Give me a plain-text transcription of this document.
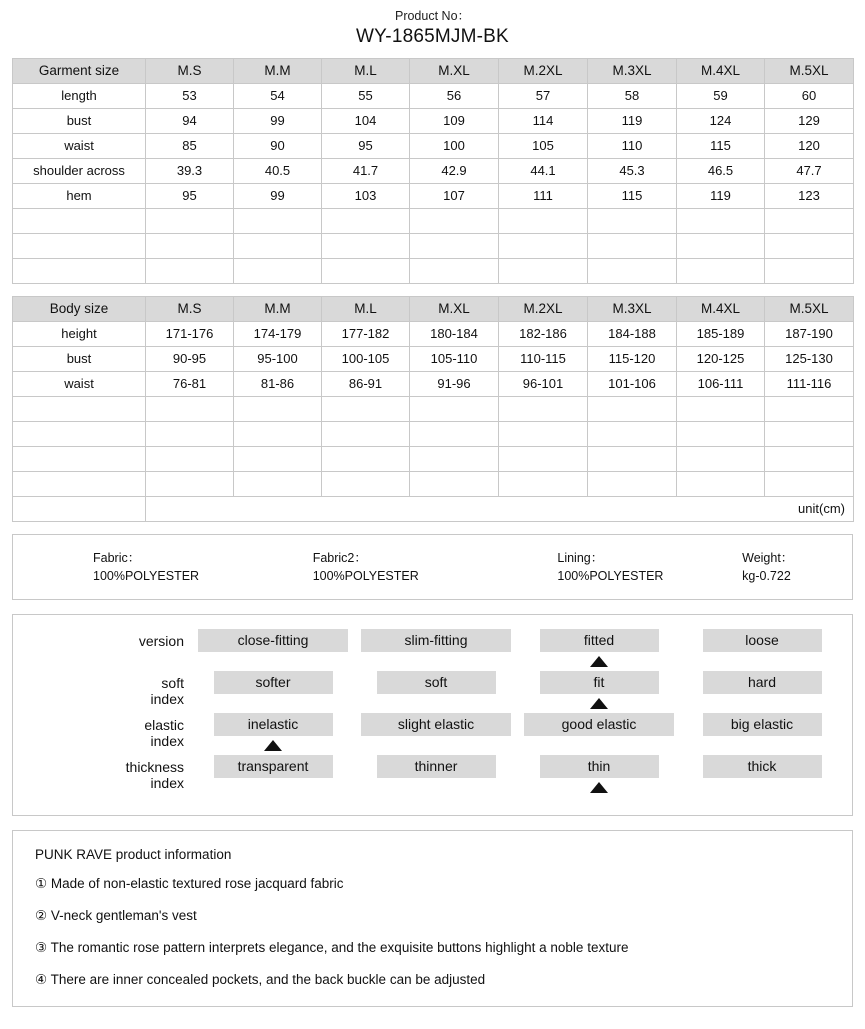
Product No：
WY-1865MJM-BK
Garment size	M.S	M.M	M.L	M.XL	M.2XL	M.3XL	M.4XL	M.5XL
length	53	54	55	56	57	58	59	60
bust	94	99	104	109	114	119	124	129
waist	85	90	95	100	105	110	115	120
shoulder across	39.3	40.5	41.7	42.9	44.1	45.3	46.5	47.7
hem	95	99	103	107	111	115	119	123

Body size	M.S	M.M	M.L	M.XL	M.2XL	M.3XL	M.4XL	M.5XL
height	171-176	174-179	177-182	180-184	182-186	184-188	185-189	187-190
bust	90-95	95-100	100-105	105-110	110-115	115-120	120-125	125-130
waist	76-81	81-86	86-91	91-96	96-101	101-106	106-111	111-116

	unit(cm)							
Fabric：
100%POLYESTER
Fabric2：
100%POLYESTER
Lining：
100%POLYESTER
Weight：
kg-0.722
version	close-fitting	slim-fitting	fitted	loose
soft
index
softer	soft	fit	hard
elastic
index
inelastic	slight elastic	good elastic	big elastic
thickness
index
transparent	thinner	thin	thick
PUNK RAVE product information
① Made of non-elastic textured rose jacquard fabric
② V-neck gentleman's vest
③ The romantic rose pattern interprets elegance, and the exquisite buttons highlight a noble texture
④ There are inner concealed pockets, and the back buckle can be adjusted
